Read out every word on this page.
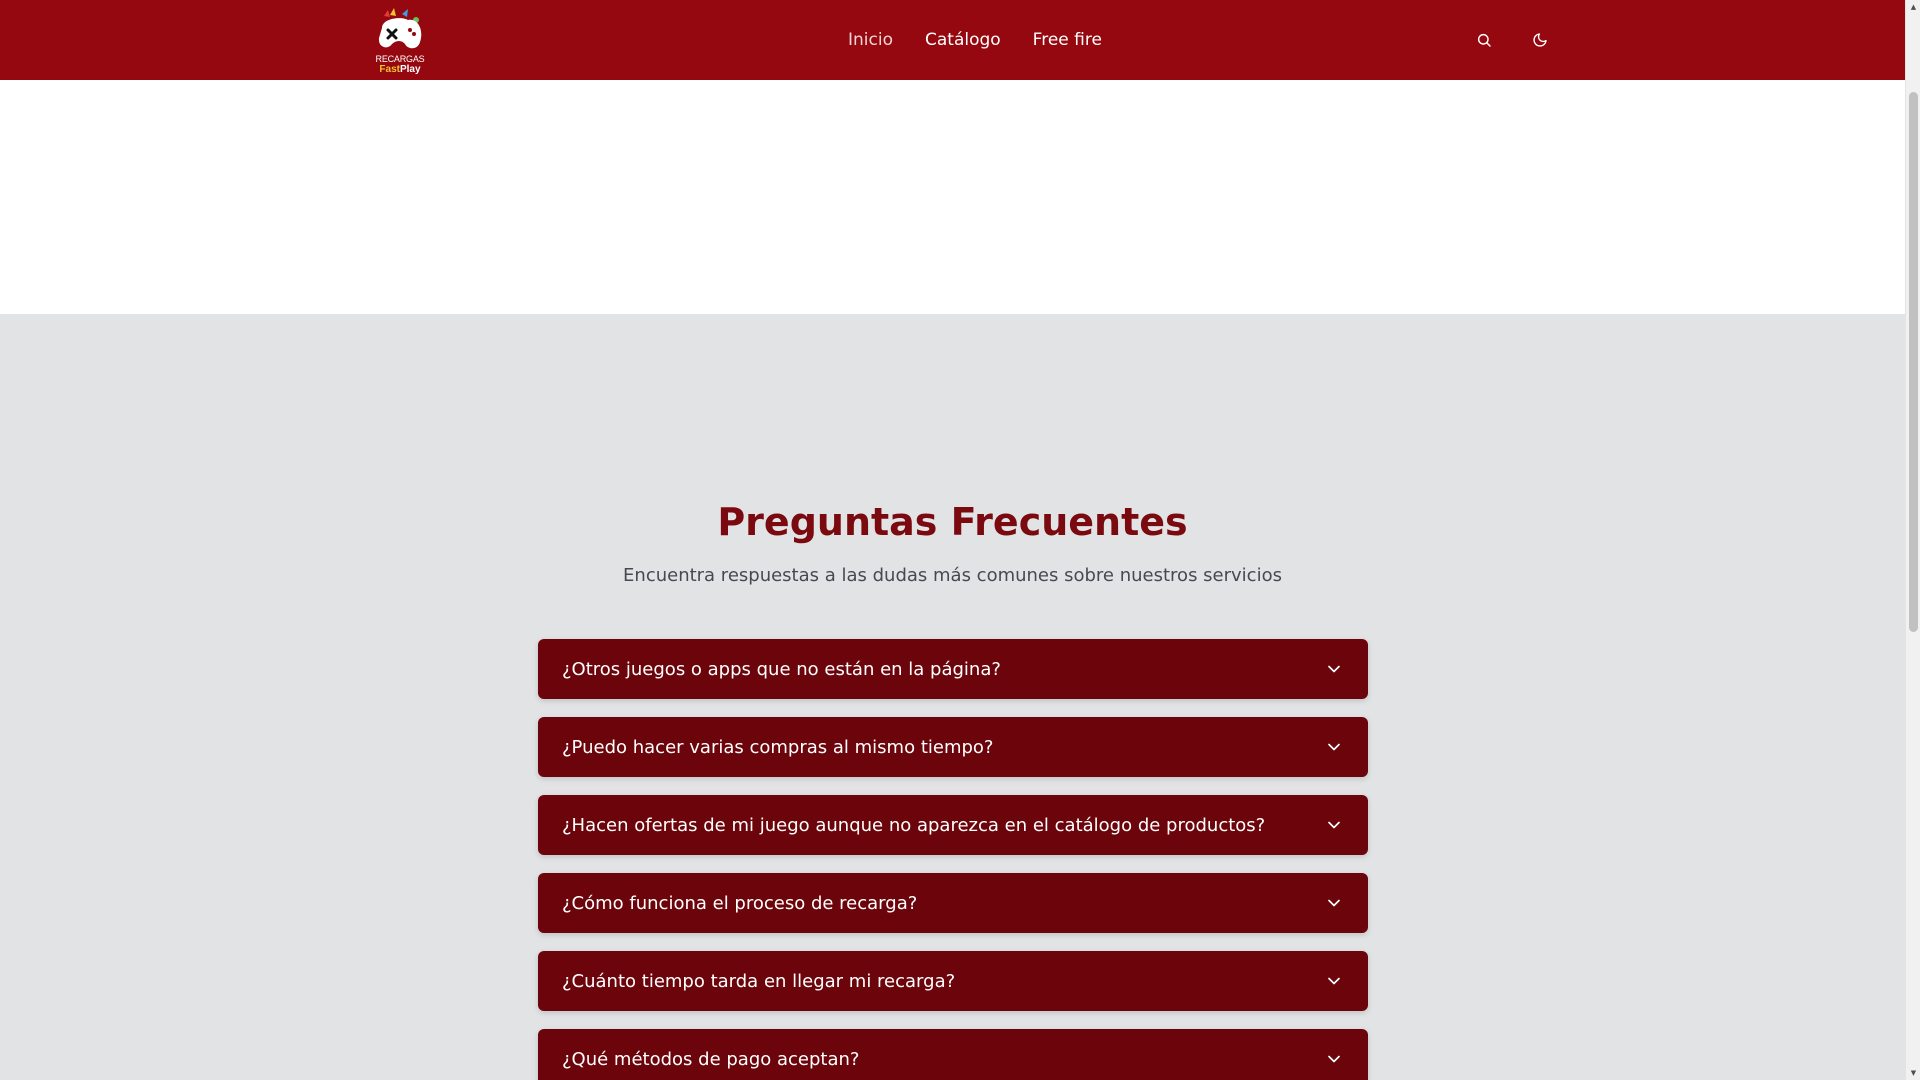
RECARGAS
FastPlay
Inicio Catálogo Free fire
Preguntas Frecuentes

Encuentra respuestas a las dudas más comunes sobre nuestros servicios

¿Otros juegos o apps que no están en la página?
¿Puedo hacer varias compras al mismo tiempo?
¿Hacen ofertas de mi juego aunque no aparezca en el catálogo de productos?
¿Cómo funciona el proceso de recarga?
¿Cuánto tiempo tarda en llegar mi recarga?
¿Qué métodos de pago aceptan?
▲
▼
